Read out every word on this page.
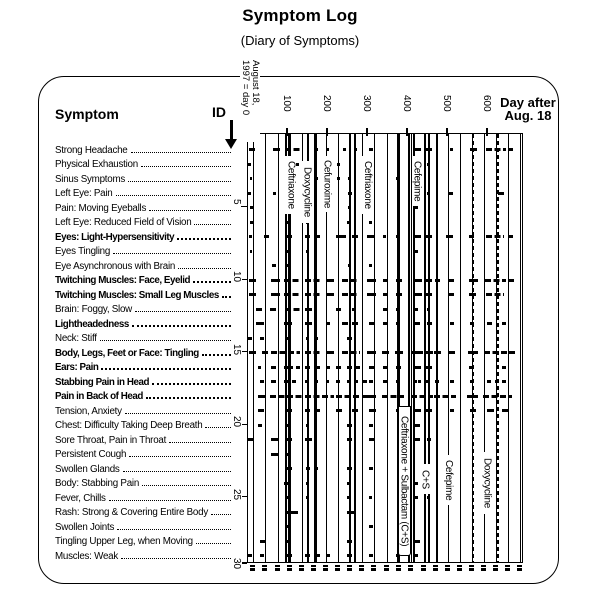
Symptom Log
(Diary of Symptoms)
Symptom	ID
Day after
Aug. 18
August 18,
1997 = day 0
Strong Headache
Physical Exhaustion
Sinus Symptoms
Left Eye: Pain
Pain: Moving Eyeballs
Left Eye: Reduced Field of Vision
Eyes: Light-Hypersensitivity
Eyes Tingling
Eye Asynchronous with Brain
Twitching Muscles: Face, Eyelid
Twitching Muscles: Small Leg Muscles
Brain: Foggy, Slow
Lightheadedness
Neck: Stiff
Body, Legs, Feet or Face: Tingling
Ears: Pain
Stabbing Pain in Head
Pain in Back of Head
Tension, Anxiety
Chest: Difficulty Taking Deep Breath
Sore Throat, Pain in Throat
Persistent Cough
Swollen Glands
Body: Stabbing Pain
Fever, Chills
Rash: Strong & Covering Entire Body
Swollen Joints
Tingling Upper Leg, when Moving
Muscles: Weak
Ceftriaxone Doxycycline Cefuroxime	Ceftriaxone	Cefepime
Ceftriaxone + Sulbactam (C+S) C+S Cefepime	Doxycycline
100	200	300	400	500	600
5
10
15
20
25
30
